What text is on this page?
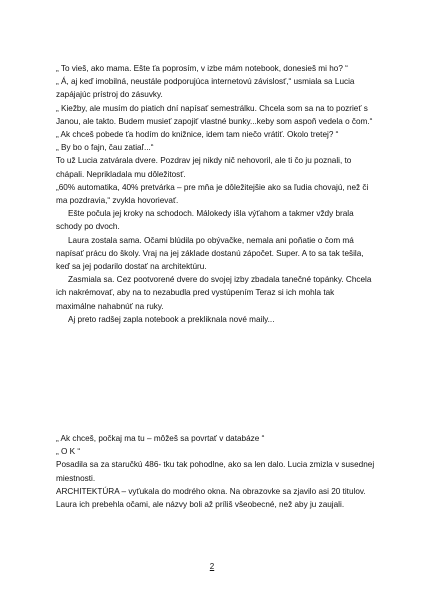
„ To vieš, ako mama. Ešte ťa poprosím, v izbe mám notebook, donesieš mi ho? “

„ Á, aj keď imobilná, neustále podporujúca internetovú závislosť,“ usmiala sa Lucia zapájajúc prístroj do zásuvky.

„ Kiežby, ale musím do piatich dní napísať semestrálku. Chcela som sa na to pozrieť s Janou, ale takto. Budem musieť zapojiť vlastné bunky...keby som aspoň vedela o čom.“

„ Ak chceš pobede ťa hodím do knižnice, idem tam niečo vrátiť. Okolo tretej? “

„ By bo o fajn, čau zatiaľ...“

To už Lucia zatvárala dvere. Pozdrav jej nikdy nič nehovoril, ale ti čo ju poznali, to chápali. Neprikladala mu dôležitosť.

„60% automatika, 40% pretvárka – pre mňa je dôležitejšie ako sa ľudia chovajú, než či ma pozdravia,“ zvykla hovorievať.

Ešte počula jej kroky na schodoch. Málokedy išla výťahom a takmer vždy brala schody po dvoch.

Laura zostala sama. Očami blúdila po obývačke, nemala ani poňatie o čom má napísať prácu do školy. Vraj na jej základe dostanú zápočet. Super. A to sa tak tešila, keď sa jej podarilo dostať na architektúru.

Zasmiala sa. Cez pootvorené dvere do svojej izby zbadala tanečné topánky. Chcela ich nakrémovať, aby na to nezabudla pred vystúpením Teraz si ich mohla tak maximálne nahabnúť na ruky.

Aj preto radšej zapla notebook a prekliknala nové maily...

„ Ak chceš, počkaj ma tu – môžeš sa povrtať v databáze “

„ O K “

Posadila sa za staručkú 486- tku tak pohodlne, ako sa len dalo. Lucia zmizla v susednej miestnosti.

ARCHITEKTÚRA – vyťukala do modrého okna. Na obrazovke sa zjavilo asi 20 titulov. Laura ich prebehla očami, ale názvy boli až príliš všeobecné, než aby ju zaujali.

2
